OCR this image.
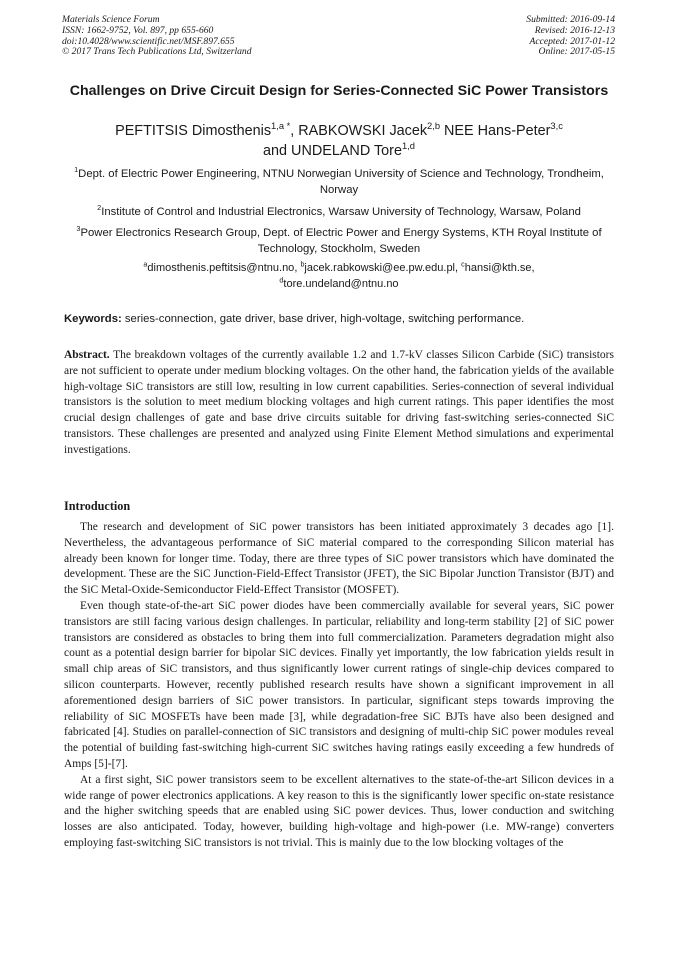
Materials Science Forum
ISSN: 1662-9752, Vol. 897, pp 655-660
doi:10.4028/www.scientific.net/MSF.897.655
© 2017 Trans Tech Publications Ltd, Switzerland
Submitted: 2016-09-14
Revised: 2016-12-13
Accepted: 2017-01-12
Online: 2017-05-15
Challenges on Drive Circuit Design for Series-Connected SiC Power Transistors
PEFTITSIS Dimosthenis$^{1,a *}$, RABKOWSKI Jacek$^{2,b}$ NEE Hans-Peter$^{3,c}$
and UNDELAND Tore$^{1,d}$
$^1$Dept. of Electric Power Engineering, NTNU Norwegian University of Science and Technology, Trondheim, Norway
$^2$Institute of Control and Industrial Electronics, Warsaw University of Technology, Warsaw, Poland
$^3$Power Electronics Research Group, Dept. of Electric Power and Energy Systems, KTH Royal Institute of Technology, Stockholm, Sweden
$^a$dimosthenis.peftitsis@ntnu.no, $^b$jacek.rabkowski@ee.pw.edu.pl, $^c$hansi@kth.se,
$^d$tore.undeland@ntnu.no
Keywords: series-connection, gate driver, base driver, high-voltage, switching performance.
Abstract. The breakdown voltages of the currently available 1.2 and 1.7-kV classes Silicon Carbide (SiC) transistors are not sufficient to operate under medium blocking voltages. On the other hand, the fabrication yields of the available high-voltage SiC transistors are still low, resulting in low current capabilities. Series-connection of several individual transistors is the solution to meet medium blocking voltages and high current ratings. This paper identifies the most crucial design challenges of gate and base drive circuits suitable for driving fast-switching series-connected SiC transistors. These challenges are presented and analyzed using Finite Element Method simulations and experimental investigations.
Introduction

The research and development of SiC power transistors has been initiated approximately 3 decades ago [1]. Nevertheless, the advantageous performance of SiC material compared to the corresponding Silicon material has already been known for longer time. Today, there are three types of SiC power transistors which have dominated the development. These are the SiC Junction-Field-Effect Transistor (JFET), the SiC Bipolar Junction Transistor (BJT) and the SiC Metal-Oxide-Semiconductor Field-Effect Transistor (MOSFET).

Even though state-of-the-art SiC power diodes have been commercially available for several years, SiC power transistors are still facing various design challenges. In particular, reliability and long-term stability [2] of SiC power transistors are considered as obstacles to bring them into full commercialization. Parameters degradation might also count as a potential design barrier for bipolar SiC devices. Finally yet importantly, the low fabrication yields result in small chip areas of SiC transistors, and thus significantly lower current ratings of single-chip devices compared to silicon counterparts. However, recently published research results have shown a significant improvement in all aforementioned design barriers of SiC power transistors. In particular, significant steps towards improving the reliability of SiC MOSFETs have been made [3], while degradation-free SiC BJTs have also been designed and fabricated [4]. Studies on parallel-connection of SiC transistors and designing of multi-chip SiC power modules reveal the potential of building fast-switching high-current SiC switches having ratings easily exceeding a few hundreds of Amps [5]-[7].

At a first sight, SiC power transistors seem to be excellent alternatives to the state-of-the-art Silicon devices in a wide range of power electronics applications. A key reason to this is the significantly lower specific on-state resistance and the higher switching speeds that are enabled using SiC power devices. Thus, lower conduction and switching losses are also anticipated. Today, however, building high-voltage and high-power (i.e. MW-range) converters employing fast-switching SiC transistors is not trivial. This is mainly due to the low blocking voltages of the
